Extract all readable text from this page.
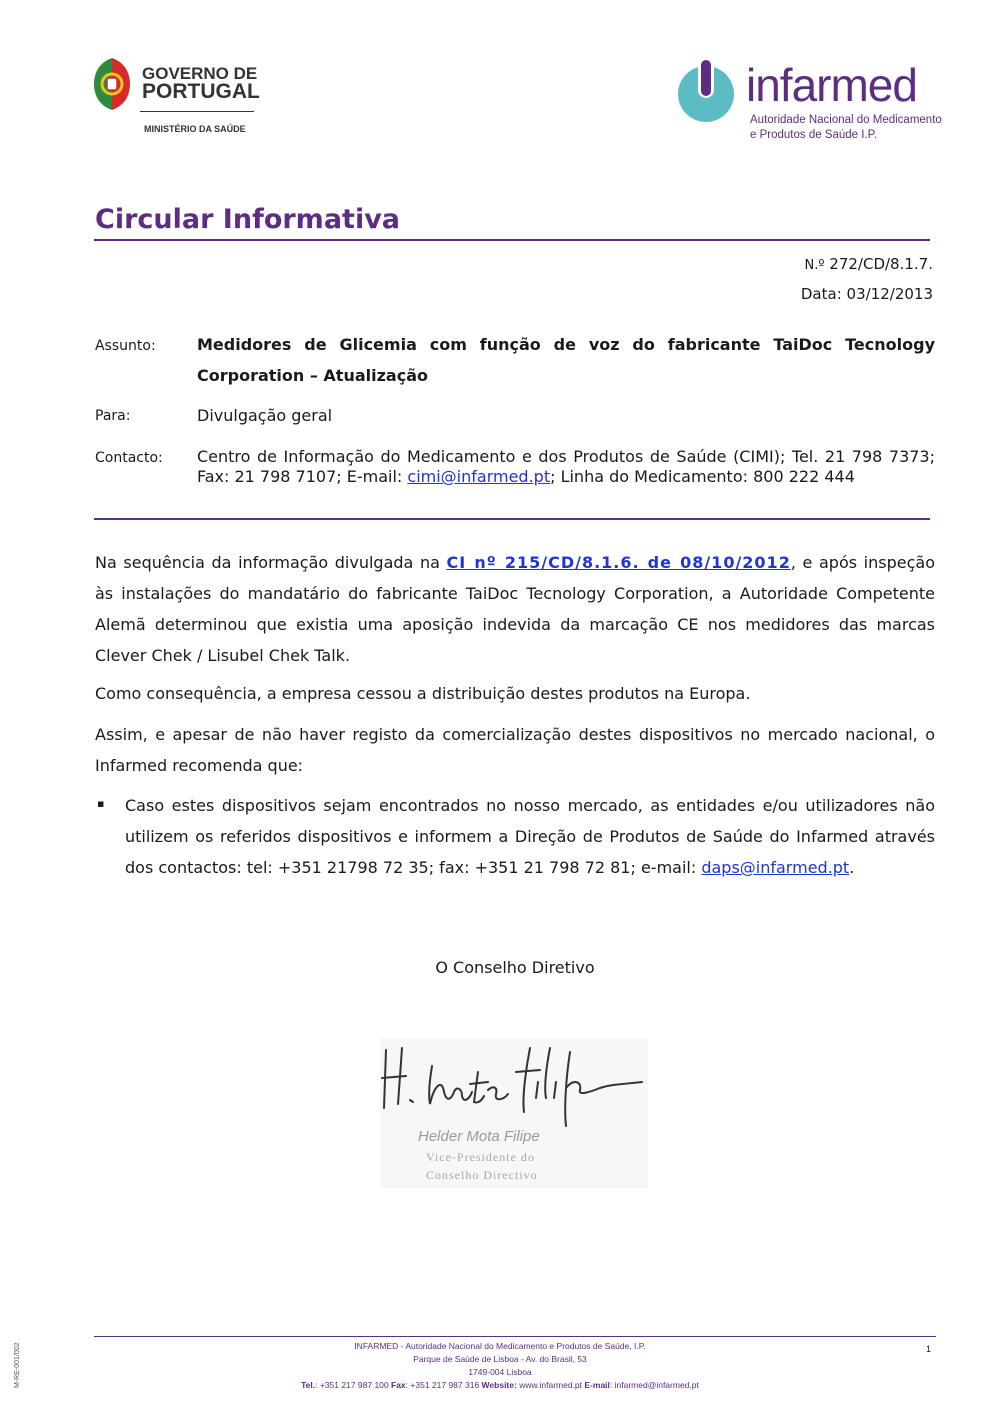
GOVERNO DE
PORTUGAL
MINISTÉRIO DA SAÚDE
infarmed
Autoridade Nacional do Medicamento
e Produtos de Saúde I.P.
Circular Informativa
N.º 272/CD/8.1.7.
Data: 03/12/2013
Assunto:	Medidores de Glicemia com função de voz do fabricante TaiDoc Tecnology
Corporation – Atualização
Para:	Divulgação geral
Contacto: Centro de Informação do Medicamento e dos Produtos de Saúde (CIMI); Tel. 21 798 7373; Fax: 21 798 7107; E-mail: cimi@infarmed.pt; Linha do Medicamento: 800 222 444
Na sequência da informação divulgada na CI nº 215/CD/8.1.6. de 08/10/2012, e após inspeção às instalações do mandatário do fabricante TaiDoc Tecnology Corporation, a Autoridade Competente Alemã determinou que existia uma aposição indevida da marcação CE nos medidores das marcas Clever Chek / Lisubel Chek Talk.
Como consequência, a empresa cessou a distribuição destes produtos na Europa.
Assim, e apesar de não haver registo da comercialização destes dispositivos no mercado nacional, o Infarmed recomenda que:
▪ Caso estes dispositivos sejam encontrados no nosso mercado, as entidades e/ou utilizadores não utilizem os referidos dispositivos e informem a Direção de Produtos de Saúde do Infarmed através dos contactos: tel: +351 21798 72 35; fax: +351 21 798 72 81; e-mail: daps@infarmed.pt.
O Conselho Diretivo
Helder Mota Filipe
Vice-Presidente do
Conselho Directivo
INFARMED - Autoridade Nacional do Medicamento e Produtos de Saúde, I.P.
Parque de Saúde de Lisboa - Av. do Brasil, 53
1749-004 Lisboa
Tel.: +351 217 987 100 Fax: +351 217 987 316 Website: www.infarmed.pt E-mail: infarmed@infarmed.pt
1
M-RE-001/002
